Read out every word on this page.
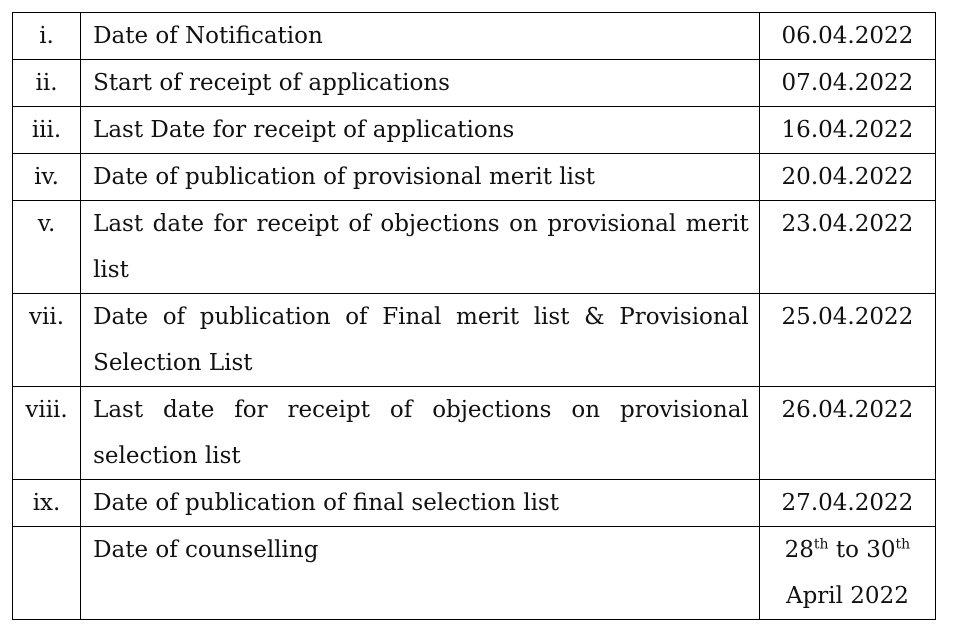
i.	Date of Notification	06.04.2022
ii.	Start of receipt of applications	07.04.2022
iii.	Last Date for receipt of applications	16.04.2022
iv.	Date of publication of provisional merit list	20.04.2022
v.	Last date for receipt of objections on provisional merit list	23.04.2022
vii.	Date of publication of Final merit list & Provisional Selection List	25.04.2022
viii.	Last date for receipt of objections on provisional selection list	26.04.2022
ix.	Date of publication of final selection list	27.04.2022
	Date of counselling	28th to 30th
April 2022
